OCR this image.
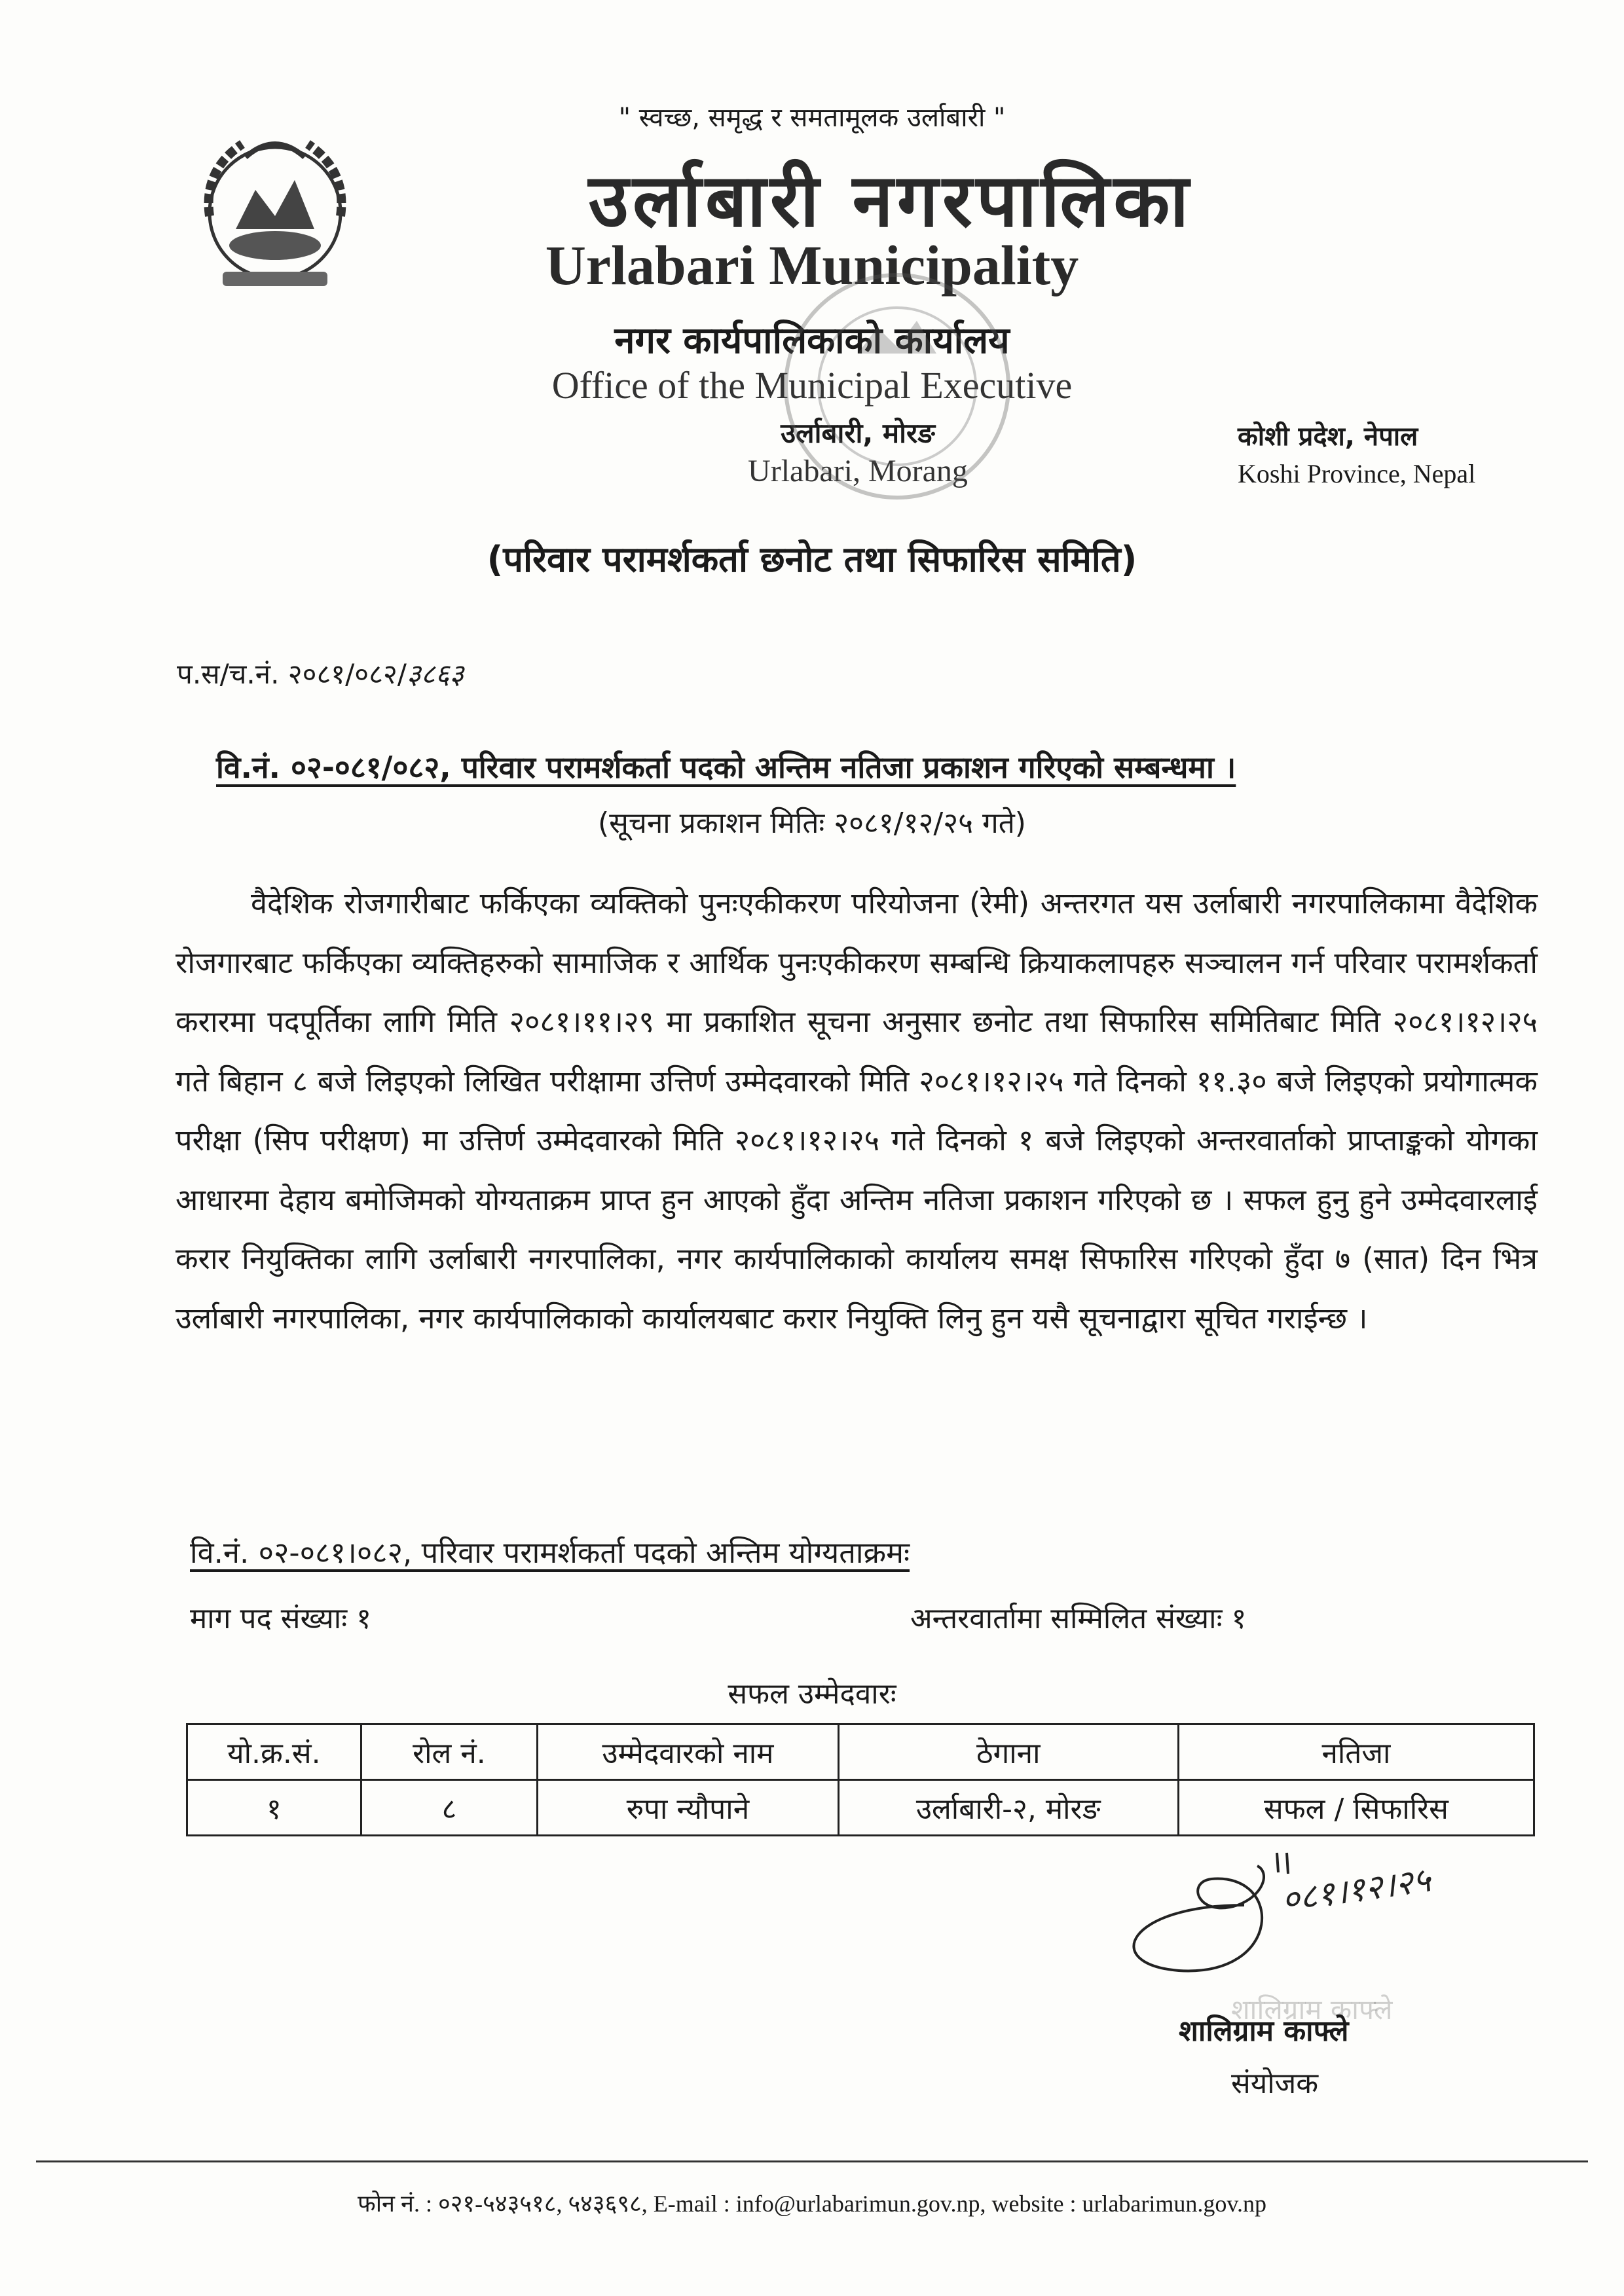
" स्वच्छ, समृद्ध र समतामूलक उर्लाबारी "
उर्लाबारी नगरपालिका
Urlabari Municipality
नगर कार्यपालिकाको कार्यालय
Office of the Municipal Executive
उर्लाबारी, मोरङ
Urlabari, Morang
कोशी प्रदेश, नेपाल
Koshi Province, Nepal
(परिवार परामर्शकर्ता छनोट तथा सिफारिस समिति)
प.स/च.नं. २०८१/०८२/३८६३
वि.नं. ०२-०८१/०८२, परिवार परामर्शकर्ता पदको अन्तिम नतिजा प्रकाशन गरिएको सम्बन्धमा ।
(सूचना प्रकाशन मितिः २०८१/१२/२५ गते)

वैदेशिक रोजगारीबाट फर्किएका व्यक्तिको पुनःएकीकरण परियोजना (रेमी) अन्तरगत यस उर्लाबारी नगरपालिकामा वैदेशिक रोजगारबाट फर्किएका व्यक्तिहरुको सामाजिक र आर्थिक पुनःएकीकरण सम्बन्धि क्रियाकलापहरु सञ्चालन गर्न परिवार परामर्शकर्ता करारमा पदपूर्तिका लागि मिति २०८१।११।२९ मा प्रकाशित सूचना अनुसार छनोट तथा सिफारिस समितिबाट मिति २०८१।१२।२५ गते बिहान ८ बजे लिइएको लिखित परीक्षामा उत्तिर्ण उम्मेदवारको मिति २०८१।१२।२५ गते दिनको ११.३० बजे लिइएको प्रयोगात्मक परीक्षा (सिप परीक्षण) मा उत्तिर्ण उम्मेदवारको मिति २०८१।१२।२५ गते दिनको १ बजे लिइएको अन्तरवार्ताको प्राप्ताङ्कको योगका आधारमा देहाय बमोजिमको योग्यताक्रम प्राप्त हुन आएको हुँदा अन्तिम नतिजा प्रकाशन गरिएको छ । सफल हुनु हुने उम्मेदवारलाई करार नियुक्तिका लागि उर्लाबारी नगरपालिका, नगर कार्यपालिकाको कार्यालय समक्ष सिफारिस गरिएको हुँदा ७ (सात) दिन भित्र उर्लाबारी नगरपालिका, नगर कार्यपालिकाको कार्यालयबाट करार नियुक्ति लिनु हुन यसै सूचनाद्वारा सूचित गराईन्छ ।

वि.नं. ०२-०८१।०८२, परिवार परामर्शकर्ता पदको अन्तिम योग्यताक्रमः
माग पद संख्याः १	अन्तरवार्तामा सम्मिलित संख्याः १
सफल उम्मेदवारः
यो.क्र.सं.	रोल नं.	उम्मेदवारको नाम	ठेगाना	नतिजा
१	८	रुपा न्यौपाने	उर्लाबारी-२, मोरङ	सफल / सिफारिस
०८१।१२।२५
शालिग्राम काफ्ले
शालिग्राम काफ्ले
संयोजक
फोन नं. : ०२१-५४३५१८, ५४३६९८, E-mail : info@urlabarimun.gov.np, website : urlabarimun.gov.np
